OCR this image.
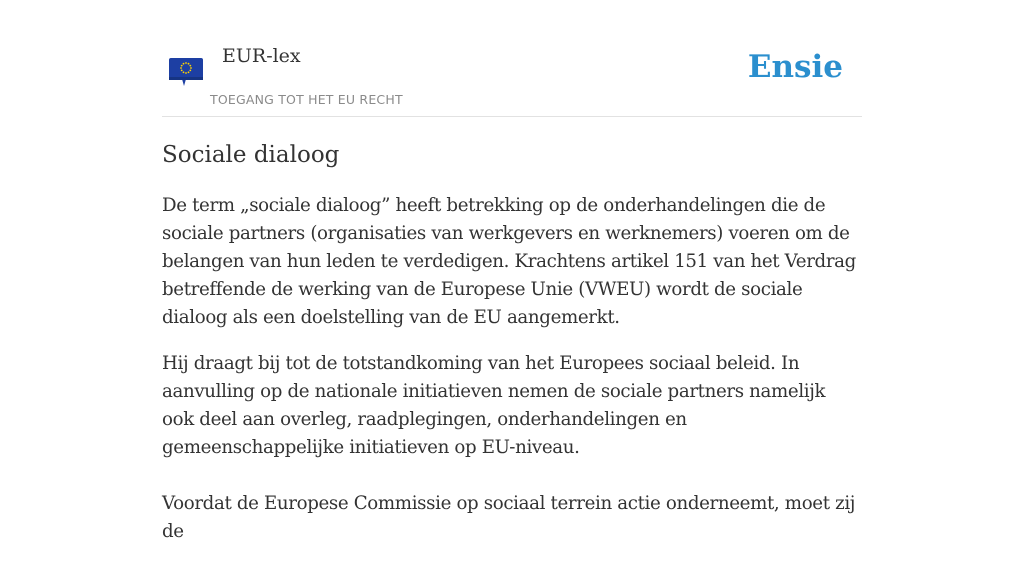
EUR-lex
TOEGANG TOT HET EU RECHT
Ensie
Sociale dialoog

De term „sociale dialoog” heeft betrekking op de onderhandelingen die de sociale partners (organisaties van werkgevers en werknemers) voeren om de belangen van hun leden te verdedigen. Krachtens artikel 151 van het Verdrag betreffende de werking van de Europese Unie (VWEU) wordt de sociale dialoog als een doelstelling van de EU aangemerkt.

Hij draagt bij tot de totstandkoming van het Europees sociaal beleid. In aanvulling op de nationale initiatieven nemen de sociale partners namelijk ook deel aan overleg, raadplegingen, onderhandelingen en gemeenschappelijke initiatieven op EU-niveau.

Voordat de Europese Commissie op sociaal terrein actie onderneemt, moet zij de
